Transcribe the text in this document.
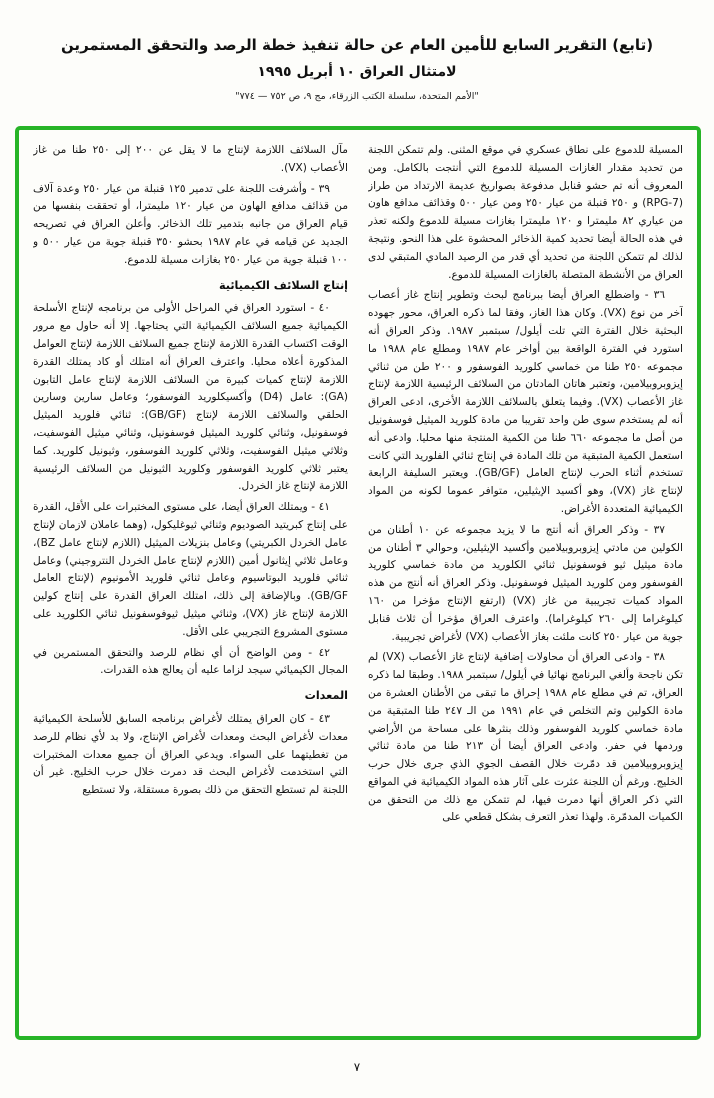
(تابع) التقرير السابع للأمين العام عن حالة تنفيذ خطة الرصد والتحقق المستمرين

لامتثال العراق ١٠ أبريل ١٩٩٥

"الأمم المتحدة، سلسلة الكتب الزرقاء، مج ٩، ص ٧٥٢ — ٧٧٤"

المسيلة للدموع على نطاق عسكري في موقع المثنى. ولم تتمكن اللجنة من تحديد مقدار الغازات المسيلة للدموع التي أنتجت بالكامل. ومن المعروف أنه تم حشو قنابل مدفوعة بصواريخ عديمة الارتداد من طراز (RPG-7) و ٢٥٠ قنبلة من عيار ٢٥٠ ومن عيار ٥٠٠ وقذائف مدافع هاون من عياري ٨٢ مليمترا و ١٢٠ مليمترا بغازات مسيلة للدموع ولكنه تعذر في هذه الحالة أيضا تحديد كمية الذخائر المحشوة على هذا النحو. ونتيجة لذلك لم تتمكن اللجنة من تحديد أي قدر من الرصيد المادي المتبقي لدى العراق من الأنشطة المتصلة بالغازات المسيلة للدموع.

٣٦ - واضطلع العراق أيضا ببرنامج لبحث وتطوير إنتاج غاز أعصاب آخر من نوع (VX). وكان هذا الغاز، وفقا لما ذكره العراق، محور جهوده البحثية خلال الفترة التي تلت أيلول/ سبتمبر ١٩٨٧. وذكر العراق أنه استورد في الفترة الواقعة بين أواخر عام ١٩٨٧ ومطلع عام ١٩٨٨ ما مجموعه ٢٥٠ طنا من خماسي كلوريد الفوسفور و ٢٠٠ طن من ثنائي إيزوبروبيلامين، وتعتبر هاتان المادتان من السلائف الرئيسية اللازمة لإنتاج غاز الأعصاب (VX). وفيما يتعلق بالسلائف اللازمة الأخرى، ادعى العراق أنه لم يستخدم سوى طن واحد تقريبا من مادة كلوريد الميثيل فوسفونيل من أصل ما مجموعه ٦٦٠ طنا من الكمية المنتجة منها محليا. وادعى أنه استعمل الكمية المتبقية من تلك المادة في إنتاج ثنائي الفلوريد التي كانت تستخدم أثناء الحرب لإنتاج العامل (GB/GF). ويعتبر السليفة الرابعة لإنتاج غاز (VX)، وهو أكسيد الإيثيلين، متوافر عموما لكونه من المواد الكيميائية المتعددة الأغراض.

٣٧ - وذكر العراق أنه أنتج ما لا يزيد مجموعه عن ١٠ أطنان من الكولين من مادتي إيزوبروبيلامين وأكسيد الإيثيلين، وحوالي ٣ أطنان من مادة ميثيل ثيو فوسفونيل ثنائي الكلوريد من مادة خماسي كلوريد الفوسفور ومن كلوريد الميثيل فوسفونيل. وذكر العراق أنه أنتج من هذه المواد كميات تجريبية من غاز (VX) (ارتفع الإنتاج مؤخرا من ١٦٠ كيلوغراما إلى ٢٦٠ كيلوغراما). واعترف العراق مؤخرا أن ثلاث قنابل جوية من عيار ٢٥٠ كانت ملئت بغاز الأعصاب (VX) لأغراض تجريبية.

٣٨ - وادعى العراق أن محاولات إضافية لإنتاج غاز الأعصاب (VX) لم تكن ناجحة وألغي البرنامج نهائيا في أيلول/ سبتمبر ١٩٨٨. وطبقا لما ذكره العراق، تم في مطلع عام ١٩٨٨ إحراق ما تبقى من الأطنان العشرة من مادة الكولين وتم التخلص في عام ١٩٩١ من الـ ٢٤٧ طنا المتبقية من مادة خماسي كلوريد الفوسفور وذلك بنثرها على مساحة من الأراضي وردمها في حفر. وادعى العراق أيضا أن ٢١٣ طنا من مادة ثنائي إيزوبروبيلامين قد دمّرت خلال القصف الجوي الذي جرى خلال حرب الخليج. ورغم أن اللجنة عثرت على آثار هذه المواد الكيميائية في المواقع التي ذكر العراق أنها دمرت فيها، لم تتمكن مع ذلك من التحقق من الكميات المدمّرة. ولهذا تعذر التعرف بشكل قطعي على

مآل السلائف اللازمة لإنتاج ما لا يقل عن ٢٠٠ إلى ٢٥٠ طنا من غاز الأعصاب (VX).

٣٩ - وأشرفت اللجنة على تدمير ١٢٥ قنبلة من عيار ٢٥٠ وعدة آلاف من قذائف مدافع الهاون من عيار ١٢٠ مليمترا، أو تحققت بنفسها من قيام العراق من جانبه بتدمير تلك الذخائر. وأعلن العراق في تصريحه الجديد عن قيامه في عام ١٩٨٧ بحشو ٣٥٠ قنبلة جوية من عيار ٥٠٠ و ١٠٠ قنبلة جوية من عيار ٢٥٠ بغازات مسيلة للدموع.

إنتاج السلائف الكيميائية

٤٠ - استورد العراق في المراحل الأولى من برنامجه لإنتاج الأسلحة الكيميائية جميع السلائف الكيميائية التي يحتاجها. إلا أنه حاول مع مرور الوقت اكتساب القدرة اللازمة لإنتاج جميع السلائف اللازمة لإنتاج العوامل المذكورة أعلاه محليا. واعترف العراق أنه امتلك أو كاد يمتلك القدرة اللازمة لإنتاج كميات كبيرة من السلائف اللازمة لإنتاج عامل التابون (GA): عامل (D4) وأكسيكلوريد الفوسفور؛ وعامل سارين وسارين الحلقي والسلائف اللازمة لإنتاج (GB/GF): ثنائي فلوريد الميثيل فوسفونيل، وثنائي كلوريد الميثيل فوسفونيل، وثنائي ميثيل الفوسفيت، وثلاثي ميثيل الفوسفيت، وثلاثي كلوريد الفوسفور، وثيونيل كلوريد. كما يعتبر ثلاثي كلوريد الفوسفور وكلوريد الثيونيل من السلائف الرئيسية اللازمة لإنتاج غاز الخردل.

٤١ - ويمتلك العراق أيضا، على مستوى المختبرات على الأقل، القدرة على إنتاج كبريتيد الصوديوم وثنائي ثيوغليكول، (وهما عاملان لازمان لإنتاج عامل الخردل الكبريتي) وعامل بنزيلات الميثيل (اللازم لإنتاج عامل BZ)، وعامل ثلاثي إيثانول أمين (اللازم لإنتاج عامل الخردل النتروجيني) وعامل ثنائي فلوريد البوتاسيوم وعامل ثنائي فلوريد الأمونيوم (لإنتاج العامل GB/GF). وبالإضافة إلى ذلك، امتلك العراق القدرة على إنتاج كولين اللازمة لإنتاج غاز (VX)، وثنائي ميثيل ثيوفوسفونيل ثنائي الكلوريد على مستوى المشروع التجريبي على الأقل.

٤٢ - ومن الواضح أن أي نظام للرصد والتحقق المستمرين في المجال الكيميائي سيجد لزاما عليه أن يعالج هذه القدرات.

المعدات

٤٣ - كان العراق يمتلك لأغراض برنامجه السابق للأسلحة الكيميائية معدات لأغراض البحث ومعدات لأغراض الإنتاج، ولا بد لأي نظام للرصد من تغطيتهما على السواء. ويدعي العراق أن جميع معدات المختبرات التي استخدمت لأغراض البحث قد دمرت خلال حرب الخليج. غير أن اللجنة لم تستطع التحقق من ذلك بصورة مستقلة، ولا تستطيع

٧
